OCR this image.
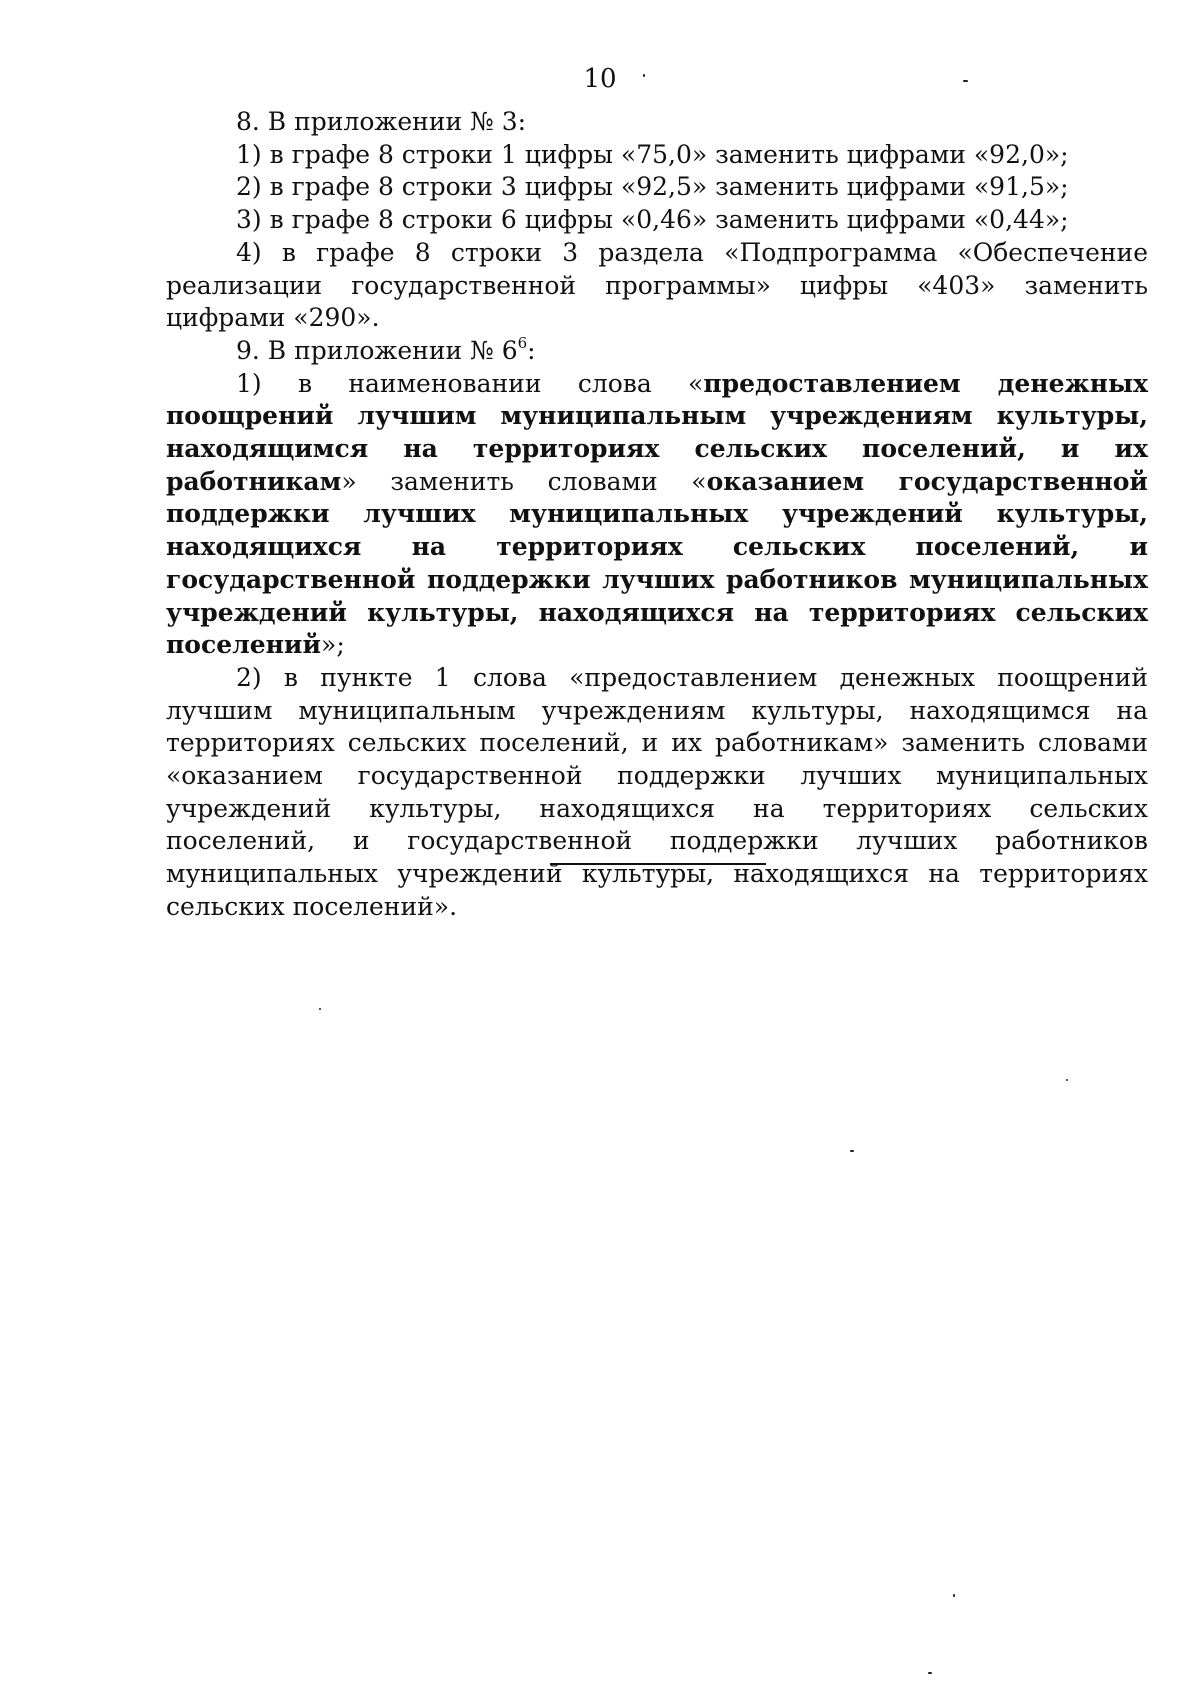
10

8. В приложении № 3:

1) в графе 8 строки 1 цифры «75,0» заменить цифрами «92,0»;

2) в графе 8 строки 3 цифры «92,5» заменить цифрами «91,5»;

3) в графе 8 строки 6 цифры «0,46» заменить цифрами «0,44»;

4) в графе 8 строки 3 раздела «Подпрограмма «Обеспечение реализации государственной программы» цифры «403» заменить цифрами «290».

9. В приложении № $6^6$:

1) в наименовании слова «предоставлением денежных поощрений лучшим муниципальным учреждениям культуры, находящимся на территориях сельских поселений, и их работникам» заменить словами «оказанием государственной поддержки лучших муниципальных учреждений культуры, находящихся на территориях сельских поселений, и государственной поддержки лучших работников муниципальных учреждений культуры, находящихся на территориях сельских поселений»;

2) в пункте 1 слова «предоставлением денежных поощрений лучшим муниципальным учреждениям культуры, находящимся на территориях сельских поселений, и их работникам» заменить словами «оказанием государственной поддержки лучших муниципальных учреждений культуры, находящихся на территориях сельских поселений, и государственной поддержки лучших работников муниципальных учреждений культуры, находящихся на территориях сельских поселений».
